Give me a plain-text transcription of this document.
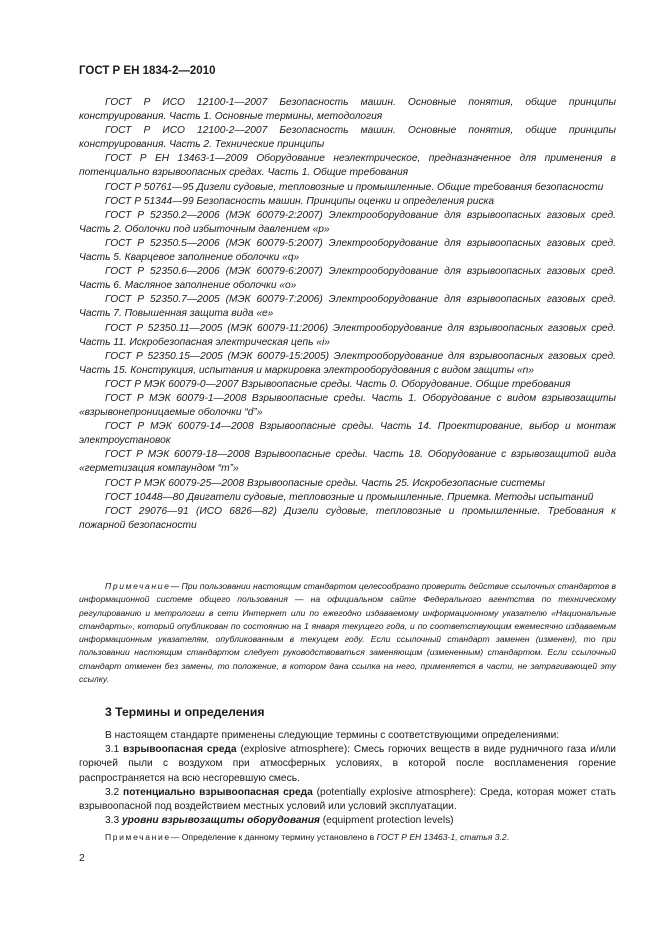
ГОСТ Р ЕН 1834-2—2010

ГОСТ Р ИСО 12100-1—2007 Безопасность машин. Основные понятия, общие принципы конструирования. Часть 1. Основные термины, методология

ГОСТ Р ИСО 12100-2—2007 Безопасность машин. Основные понятия, общие принципы конструирования. Часть 2. Технические принципы

ГОСТ Р ЕН 13463-1—2009 Оборудование неэлектрическое, предназначенное для применения в потенциально взрывоопасных средах. Часть 1. Общие требования

ГОСТ Р 50761—95 Дизели судовые, тепловозные и промышленные. Общие требования безопасности

ГОСТ Р 51344—99 Безопасность машин. Принципы оценки и определения риска

ГОСТ Р 52350.2—2006 (МЭК 60079-2:2007) Электрооборудование для взрывоопасных газовых сред. Часть 2. Оболочки под избыточным давлением «р»

ГОСТ Р 52350.5—2006 (МЭК 60079-5:2007) Электрооборудование для взрывоопасных газовых сред. Часть 5. Кварцевое заполнение оболочки «q»

ГОСТ Р 52350.6—2006 (МЭК 60079-6:2007) Электрооборудование для взрывоопасных газовых сред. Часть 6. Масляное заполнение оболочки «о»

ГОСТ Р 52350.7—2005 (МЭК 60079-7:2006) Электрооборудование для взрывоопасных газовых сред. Часть 7. Повышенная защита вида «е»

ГОСТ Р 52350.11—2005 (МЭК 60079-11:2006) Электрооборудование для взрывоопасных газовых сред. Часть 11. Искробезопасная электрическая цепь «i»

ГОСТ Р 52350.15—2005 (МЭК 60079-15:2005) Электрооборудование для взрывоопасных газовых сред. Часть 15. Конструкция, испытания и маркировка электрооборудования с видом защиты «n»

ГОСТ Р МЭК 60079-0—2007 Взрывоопасные среды. Часть 0. Оборудование. Общие требования

ГОСТ Р МЭК 60079-1—2008 Взрывоопасные среды. Часть 1. Оборудование с видом взрывозащиты «взрывонепроницаемые оболочки “d”»

ГОСТ Р МЭК 60079-14—2008 Взрывоопасные среды. Часть 14. Проектирование, выбор и монтаж электроустановок

ГОСТ Р МЭК 60079-18—2008 Взрывоопасные среды. Часть 18. Оборудование с взрывозащитой вида «герметизация компаундом “m”»

ГОСТ Р МЭК 60079-25—2008 Взрывоопасные среды. Часть 25. Искробезопасные системы

ГОСТ 10448—80 Двигатели судовые, тепловозные и промышленные. Приемка. Методы испытаний

ГОСТ 29076—91 (ИСО 6826—82) Дизели судовые, тепловозные и промышленные. Требования к пожарной безопасности

Примечание— При пользовании настоящим стандартом целесообразно проверить действие ссылочных стандартов в информационной системе общего пользования — на официальном сайте Федерального агентства по техническому регулированию и метрологии в сети Интернет или по ежегодно издаваемому информационному указателю «Национальные стандарты», который опубликован по состоянию на 1 января текущего года, и по соответствующим ежемесячно издаваемым информационным указателям, опубликованным в текущем году. Если ссылочный стандарт заменен (изменен), то при пользовании настоящим стандартом следует руководствоваться заменяющим (измененным) стандартом. Если ссылочный стандарт отменен без замены, то положение, в котором дана ссылка на него, применяется в части, не затрагивающей эту ссылку.

3 Термины и определения

В настоящем стандарте применены следующие термины с соответствующими определениями:

3.1 взрывоопасная среда (explosive atmosphere): Смесь горючих веществ в виде рудничного газа и/или горючей пыли с воздухом при атмосферных условиях, в которой после воспламенения горение распространяется на всю несгоревшую смесь.

3.2 потенциально взрывоопасная среда (potentially explosive atmosphere): Среда, которая может стать взрывоопасной под воздействием местных условий или условий эксплуатации.

3.3 уровни взрывозащиты оборудования (equipment protection levels)

Примечание— Определение к данному термину установлено в ГОСТ Р ЕН 13463-1, статья 3.2.

2
